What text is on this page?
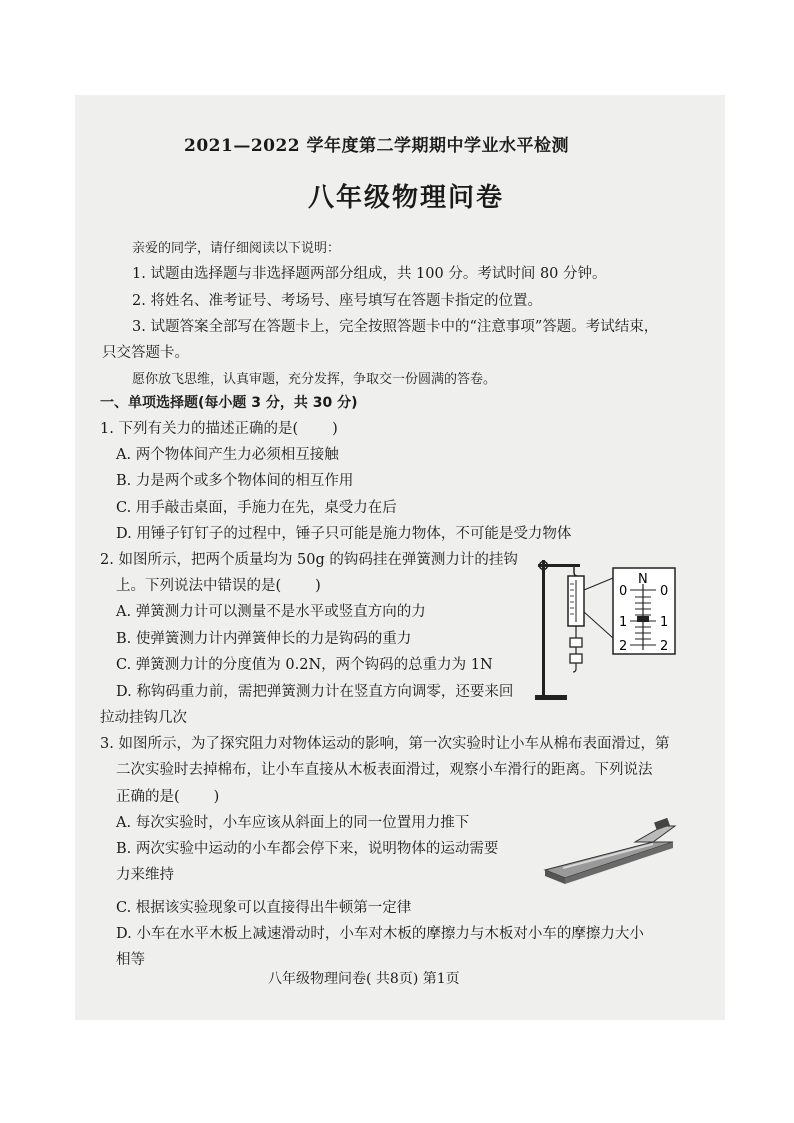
2021—2022 学年度第二学期期中学业水平检测
八年级物理问卷
亲爱的同学，请仔细阅读以下说明：
1. 试题由选择题与非选择题两部分组成，共 100 分。考试时间 80 分钟。
2. 将姓名、准考证号、考场号、座号填写在答题卡指定的位置。
3. 试题答案全部写在答题卡上，完全按照答题卡中的“注意事项”答题。考试结束，
只交答题卡。
愿你放飞思维，认真审题，充分发挥，争取交一份圆满的答卷。
一、单项选择题(每小题 3 分，共 30 分)
1. 下列有关力的描述正确的是( )
A. 两个物体间产生力必须相互接触
B. 力是两个或多个物体间的相互作用
C. 用手敲击桌面，手施力在先，桌受力在后
D. 用锤子钉钉子的过程中，锤子只可能是施力物体，不可能是受力物体
2. 如图所示，把两个质量均为 50g 的钩码挂在弹簧测力计的挂钩
上。下列说法中错误的是( )
A. 弹簧测力计可以测量不是水平或竖直方向的力
B. 使弹簧测力计内弹簧伸长的力是钩码的重力
C. 弹簧测力计的分度值为 0.2N，两个钩码的总重力为 1N
D. 称钩码重力前，需把弹簧测力计在竖直方向调零，还要来回
拉动挂钩几次
N
0
1
2
0
1
2
3. 如图所示，为了探究阻力对物体运动的影响，第一次实验时让小车从棉布表面滑过，第
二次实验时去掉棉布，让小车直接从木板表面滑过，观察小车滑行的距离。下列说法
正确的是( )
A. 每次实验时，小车应该从斜面上的同一位置用力推下
B. 两次实验中运动的小车都会停下来，说明物体的运动需要
力来维持
C. 根据该实验现象可以直接得出牛顿第一定律
D. 小车在水平木板上减速滑动时，小车对木板的摩擦力与木板对小车的摩擦力大小
相等
八年级物理问卷( 共8页) 第1页
